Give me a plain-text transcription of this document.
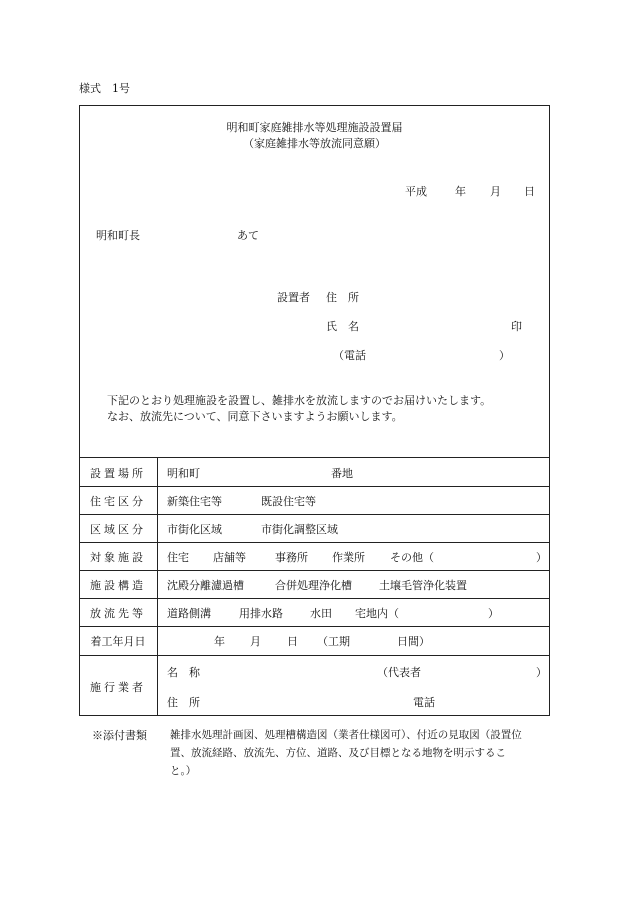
様式　1号
明和町家庭雑排水等処理施設設置届
（家庭雑排水等放流同意願）
平成	年 月 日
明和町長	あて
設置者 住　所
氏　名	印
（電話	）
下記のとおり処理施設を設置し、雑排水を放流しますのでお届けいたします。
なお、放流先について、同意下さいますようお願いします。
設置場所	明和町	番地
住宅区分	新築住宅等	既設住宅等
区域区分	市街化区域	市街化調整区域
対象施設	住宅 店舗等	事務所 作業所 その他（	）
施設構造	沈殿分離濾過槽	合併処理浄化槽 土壌毛管浄化装置
放流先等	道路側溝	用排水路 水田 宅地内（	）
着工年月日	年 月 日 （工期	日間）
施行業者
名　称	（代表者	）
住　所	電話
※添付書類 雑排水処理計画図、処理槽構造図（業者仕様図可）、付近の見取図（設置位
置、放流経路、放流先、方位、道路、及び目標となる地物を明示するこ
と。）
